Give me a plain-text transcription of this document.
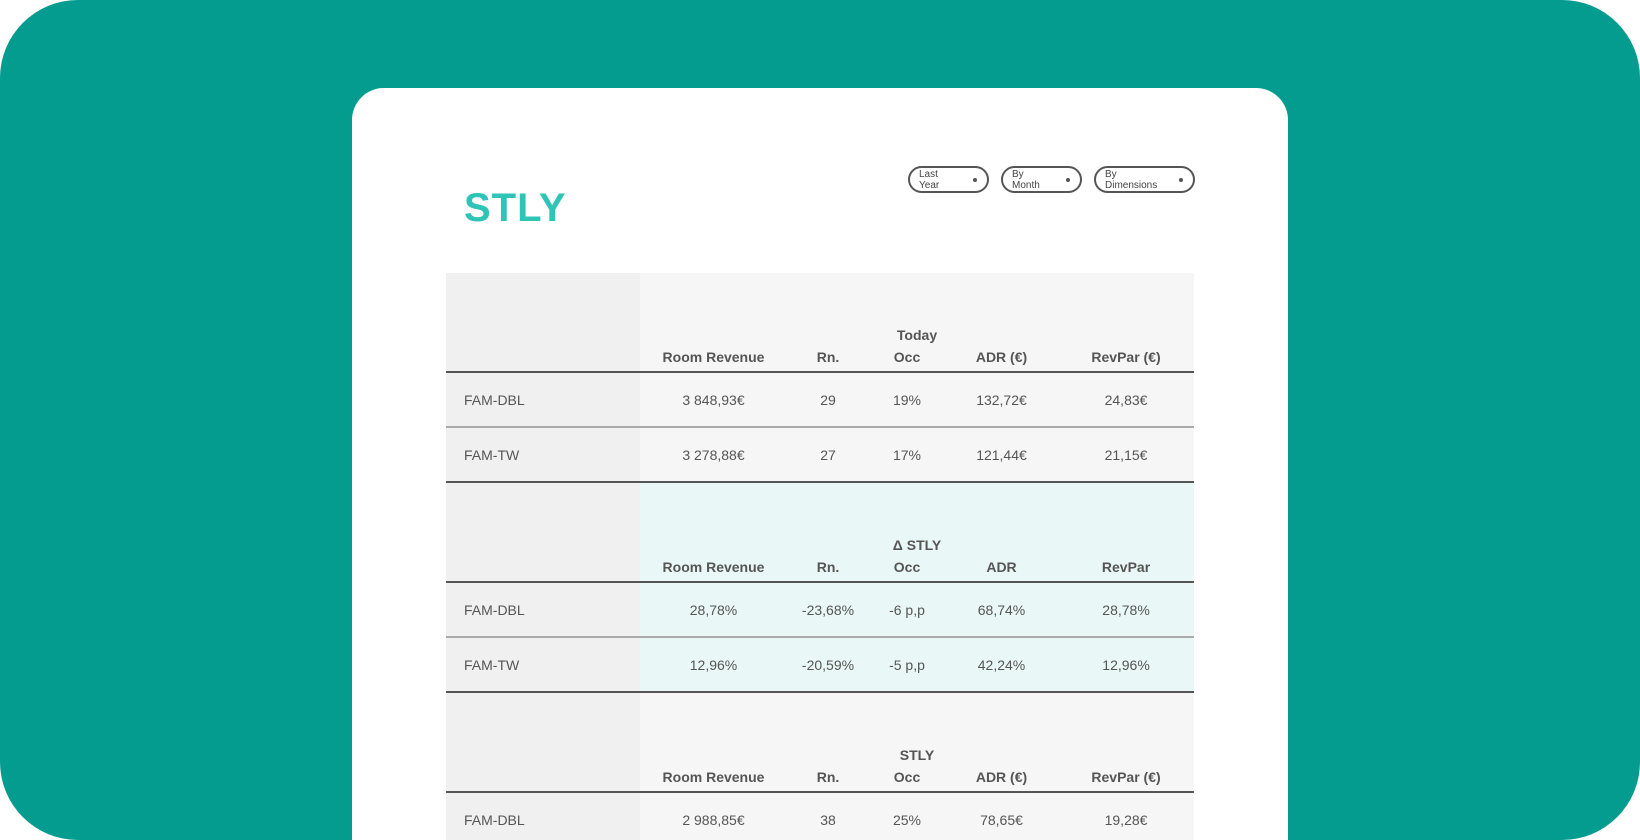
STLY
Last Year
By Month
By Dimensions
	Today				
	Room Revenue	Rn.	Occ	ADR (€)	RevPar (€)
FAM-DBL	3 848,93€	29	19%	132,72€	24,83€
FAM-TW	3 278,88€	27	17%	121,44€	21,15€
	Δ STLY				
	Room Revenue	Rn.	Occ	ADR	RevPar
FAM-DBL	28,78%	-23,68%	-6 p,p	68,74%	28,78%
FAM-TW	12,96%	-20,59%	-5 p,p	42,24%	12,96%
	STLY				
	Room Revenue	Rn.	Occ	ADR (€)	RevPar (€)
FAM-DBL	2 988,85€	38	25%	78,65€	19,28€
